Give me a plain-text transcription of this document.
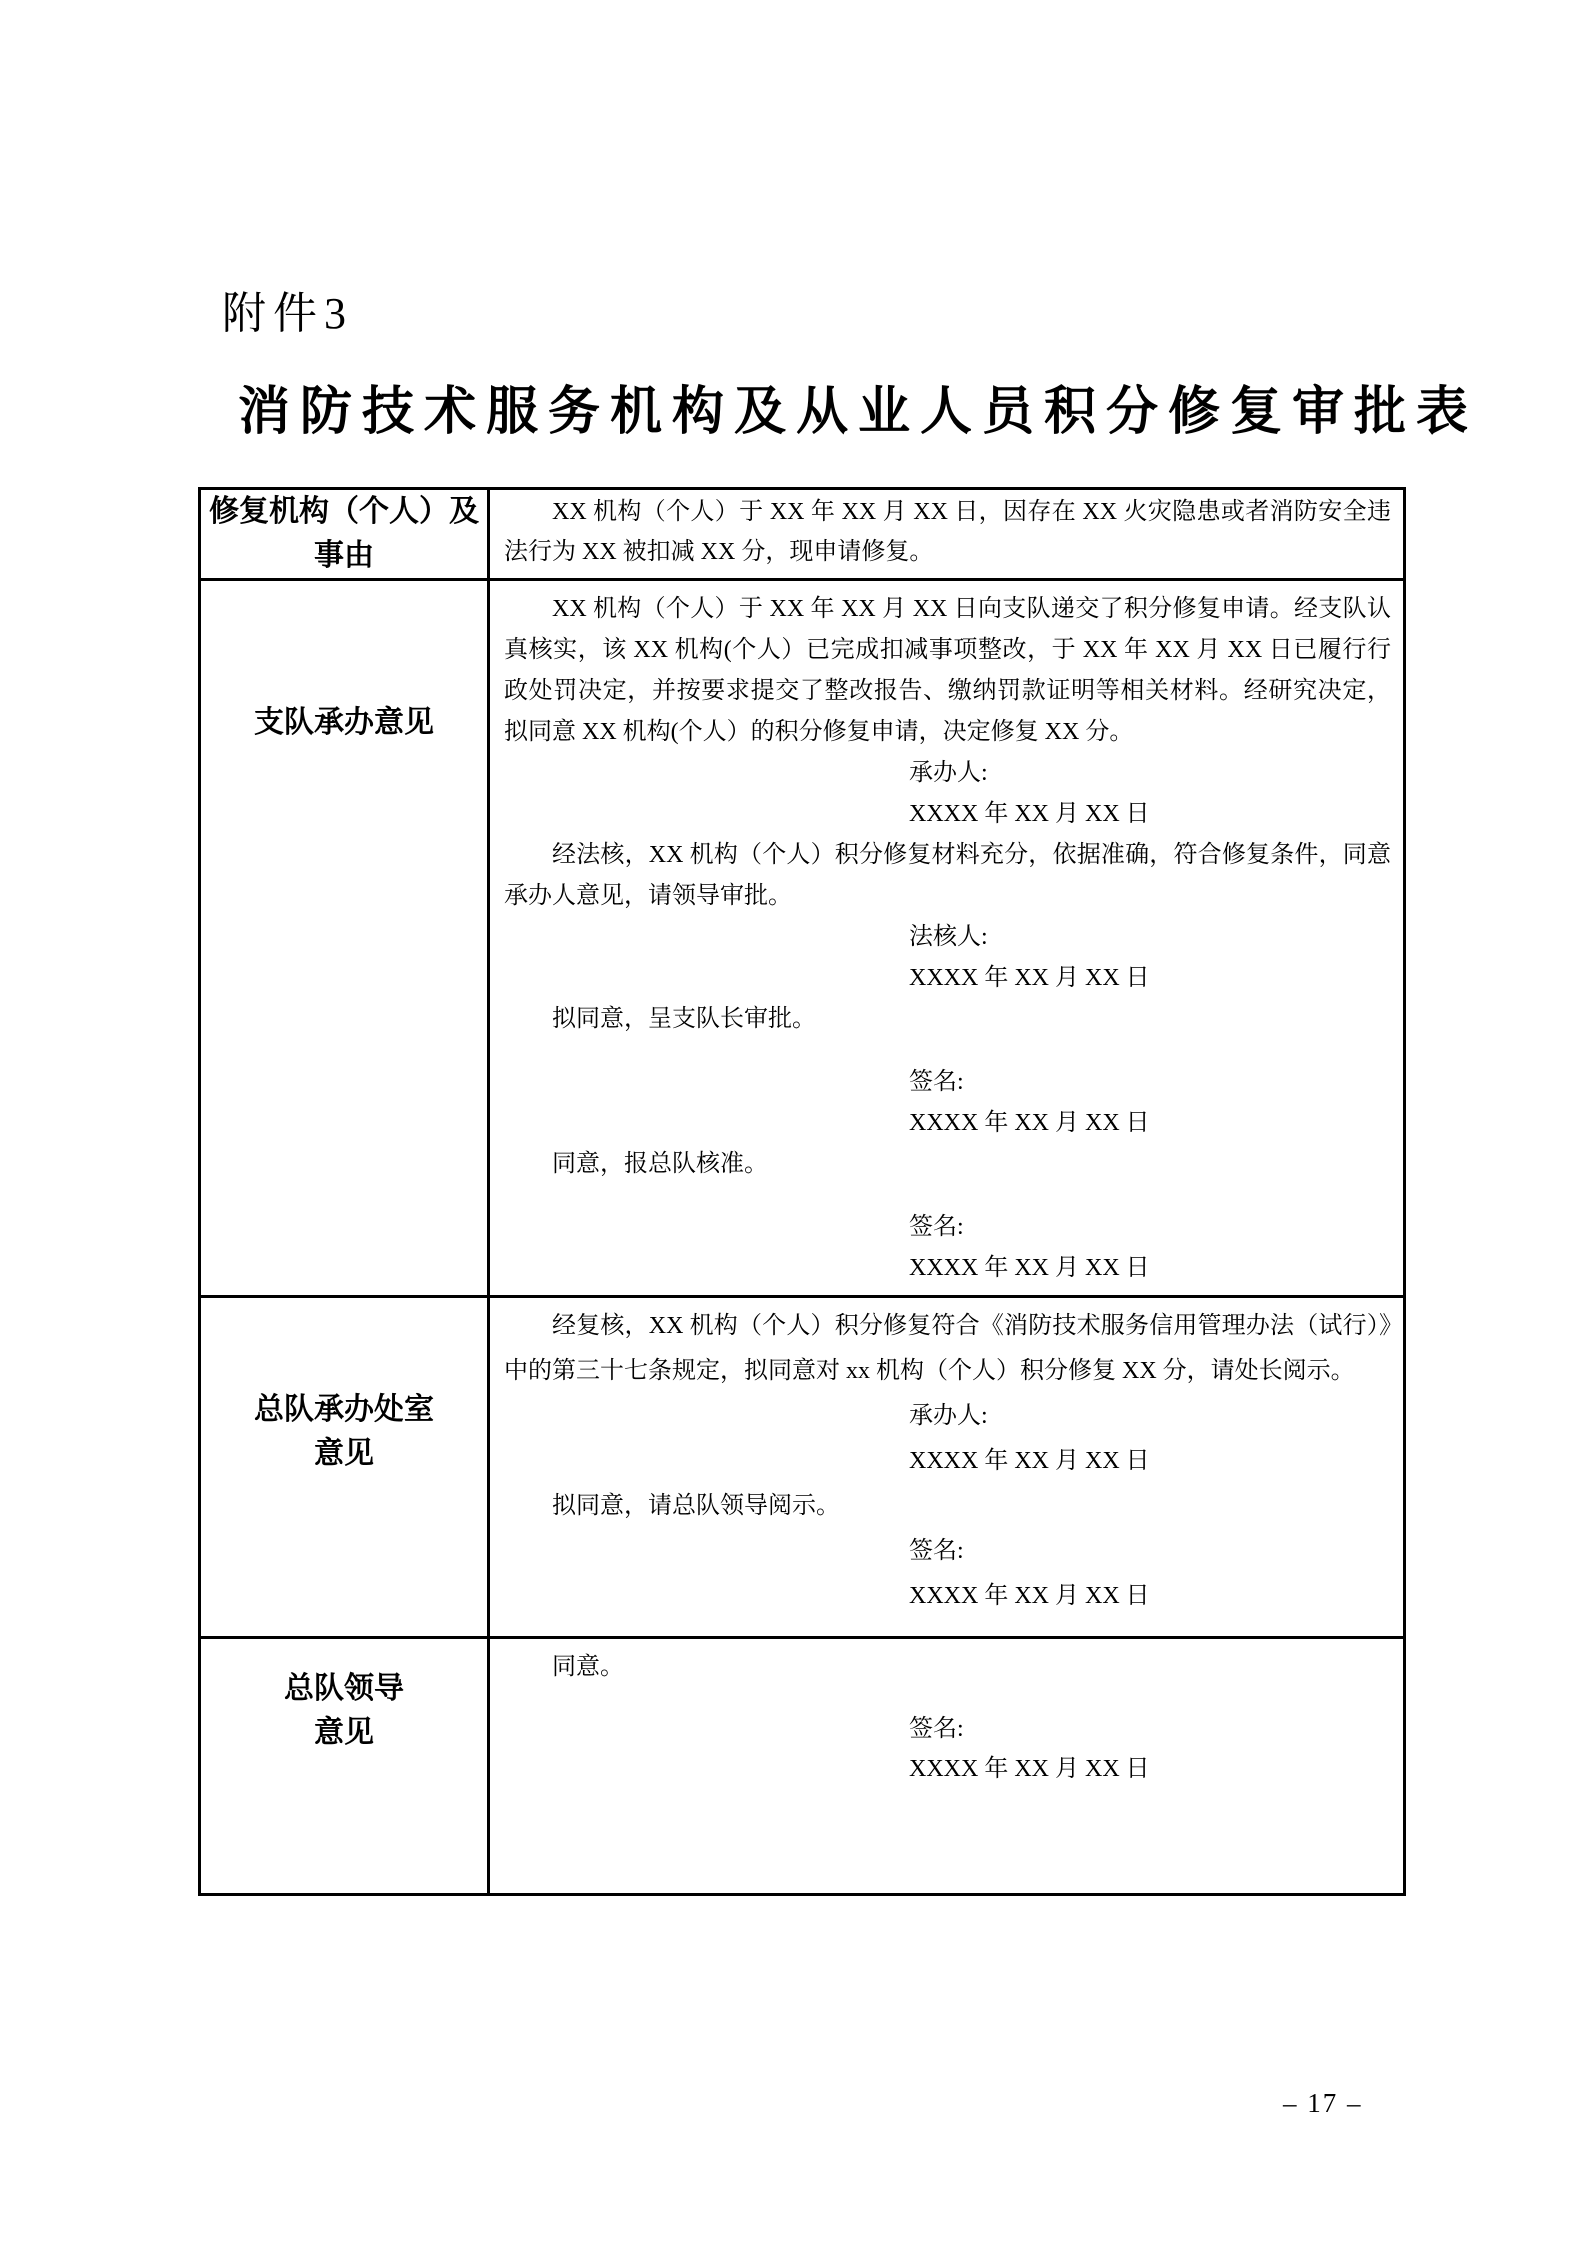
附件3
消防技术服务机构及从业人员积分修复审批表
修复机构（个人）及
事由
XX 机构（个人）于 XX 年 XX 月 XX 日，因存在 XX 火灾隐患或者消防安全违法行为 XX 被扣减 XX 分，现申请修复。
支队承办意见
XX 机构（个人）于 XX 年 XX 月 XX 日向支队递交了积分修复申请。经支队认真核实，该 XX 机构(个人）已完成扣减事项整改，于 XX 年 XX 月 XX 日已履行行政处罚决定，并按要求提交了整改报告、缴纳罚款证明等相关材料。经研究决定，拟同意 XX 机构(个人）的积分修复申请，决定修复 XX 分。
承办人:
XXXX 年 XX 月 XX 日
经法核，XX 机构（个人）积分修复材料充分，依据准确，符合修复条件，同意承办人意见，请领导审批。
法核人:
XXXX 年 XX 月 XX 日
拟同意，呈支队长审批。
签名:
XXXX 年 XX 月 XX 日
同意，报总队核准。
签名:
XXXX 年 XX 月 XX 日
总队承办处室
意见
经复核，XX 机构（个人）积分修复符合《消防技术服务信用管理办法（试行）》中的第三十七条规定，拟同意对 xx 机构（个人）积分修复 XX 分，请处长阅示。
承办人:
XXXX 年 XX 月 XX 日
拟同意，请总队领导阅示。
签名:
XXXX 年 XX 月 XX 日
总队领导
意见
同意。
签名:
XXXX 年 XX 月 XX 日
– 17 –
